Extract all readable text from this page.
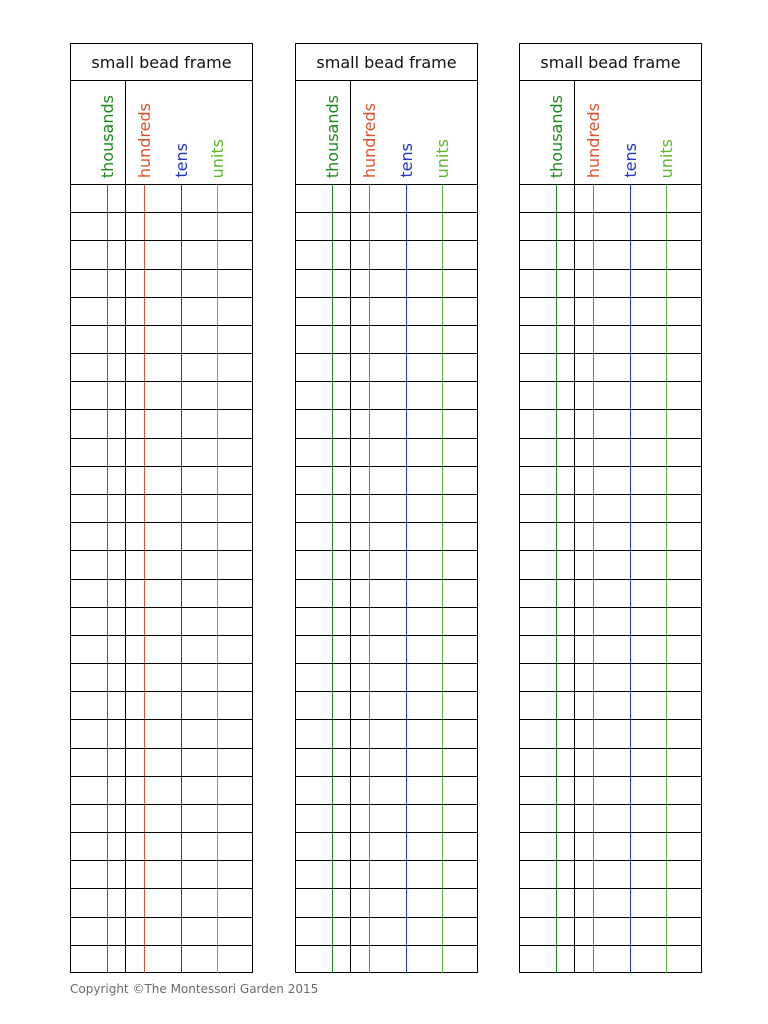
small bead frame
thousands hundreds tens units
small bead frame
thousands hundreds tens units
small bead frame
thousands hundreds tens units
Copyright ©The Montessori Garden 2015
